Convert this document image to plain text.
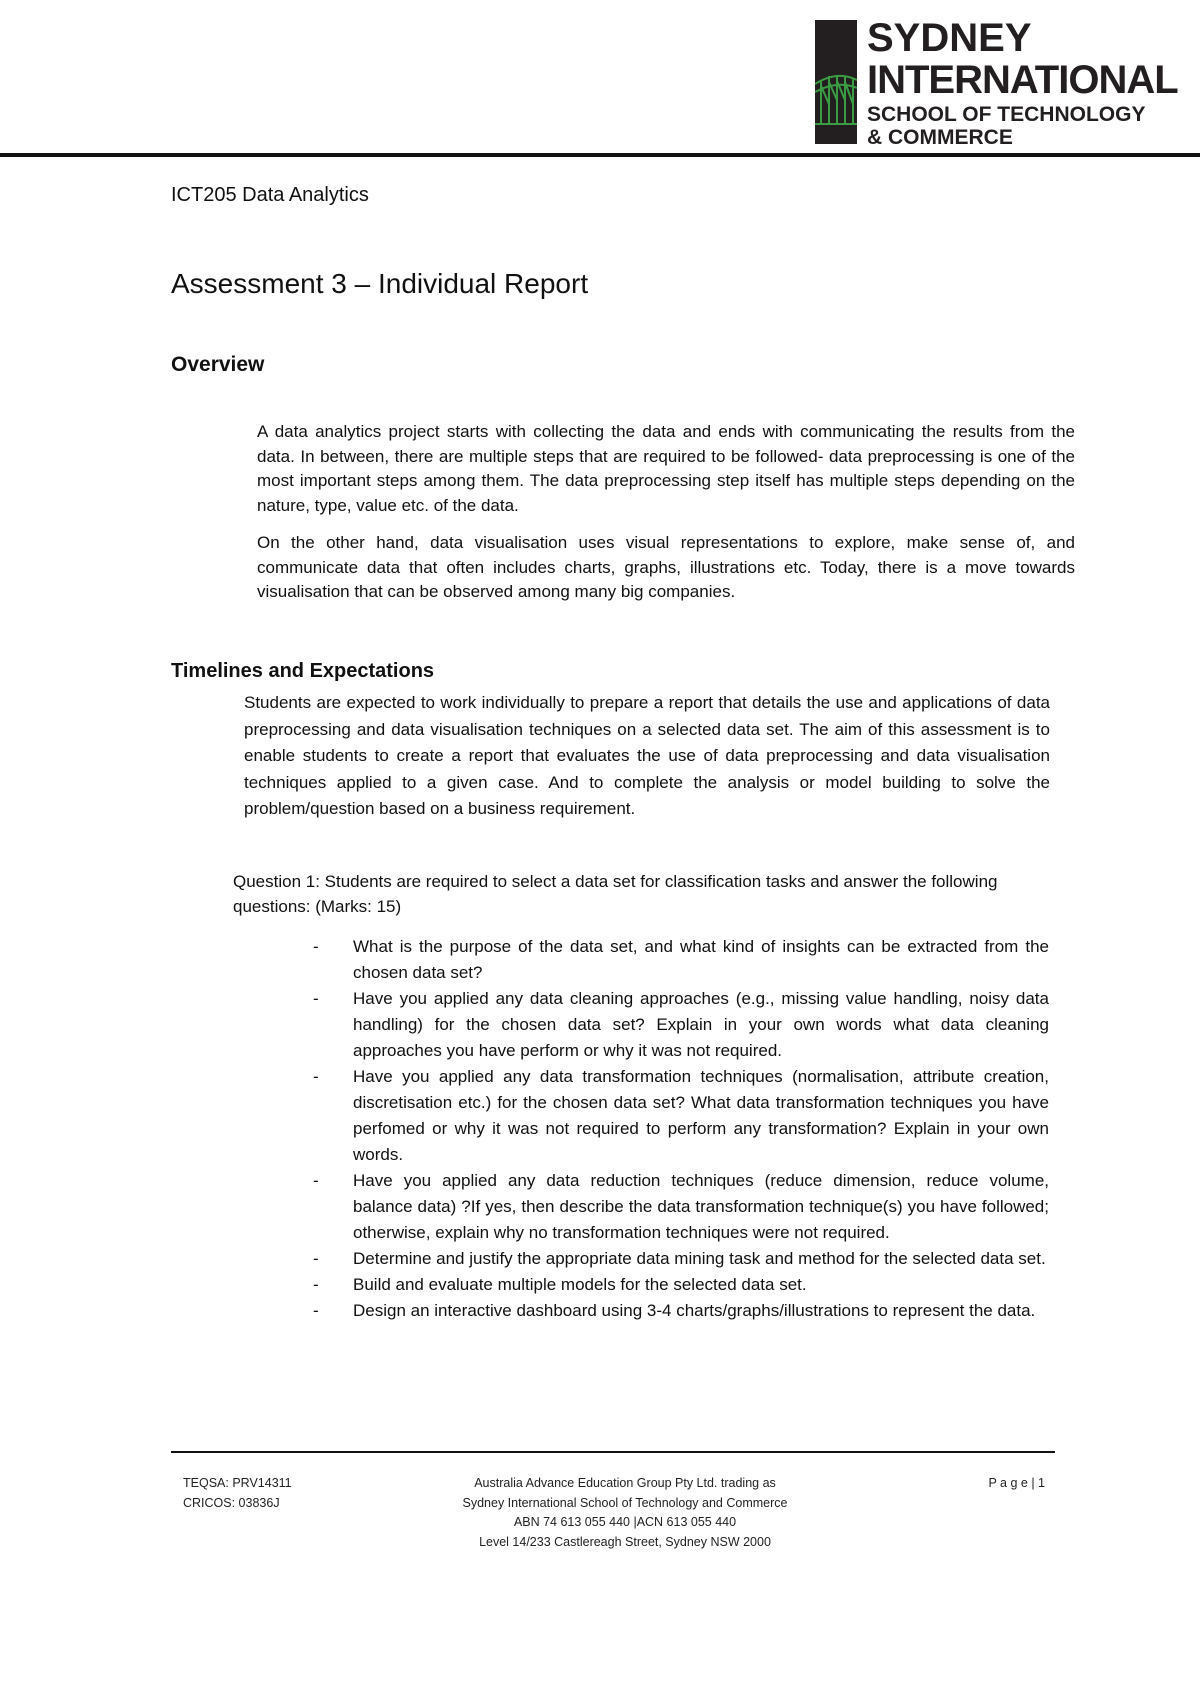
SYDNEY
INTERNATIONAL
SCHOOL OF TECHNOLOGY
& COMMERCE
ICT205 Data Analytics
Assessment 3 – Individual Report
Overview

A data analytics project starts with collecting the data and ends with communicating the results from the data. In between, there are multiple steps that are required to be followed- data preprocessing is one of the most important steps among them. The data preprocessing step itself has multiple steps depending on the nature, type, value etc. of the data.

On the other hand, data visualisation uses visual representations to explore, make sense of, and communicate data that often includes charts, graphs, illustrations etc. Today, there is a move towards visualisation that can be observed among many big companies.

Timelines and Expectations

Students are expected to work individually to prepare a report that details the use and applications of data preprocessing and data visualisation techniques on a selected data set. The aim of this assessment is to enable students to create a report that evaluates the use of data preprocessing and data visualisation techniques applied to a given case. And to complete the analysis or model building to solve the problem/question based on a business requirement.

Question 1: Students are required to select a data set for classification tasks and answer the following questions: (Marks: 15)

- What is the purpose of the data set, and what kind of insights can be extracted from the chosen data set?
- Have you applied any data cleaning approaches (e.g., missing value handling, noisy data handling) for the chosen data set? Explain in your own words what data cleaning approaches you have perform or why it was not required.
- Have you applied any data transformation techniques (normalisation, attribute creation, discretisation etc.) for the chosen data set? What data transformation techniques you have perfomed or why it was not required to perform any transformation? Explain in your own words.
- Have you applied any data reduction techniques (reduce dimension, reduce volume, balance data) ?If yes, then describe the data transformation technique(s) you have followed; otherwise, explain why no transformation techniques were not required.
- Determine and justify the appropriate data mining task and method for the selected data set.
- Build and evaluate multiple models for the selected data set.
- Design an interactive dashboard using 3-4 charts/graphs/illustrations to represent the data.
TEQSA: PRV14311
CRICOS: 03836J
Australia Advance Education Group Pty Ltd. trading as
Sydney International School of Technology and Commerce
ABN 74 613 055 440 |ACN 613 055 440
Level 14/233 Castlereagh Street, Sydney NSW 2000
P a g e | 1
